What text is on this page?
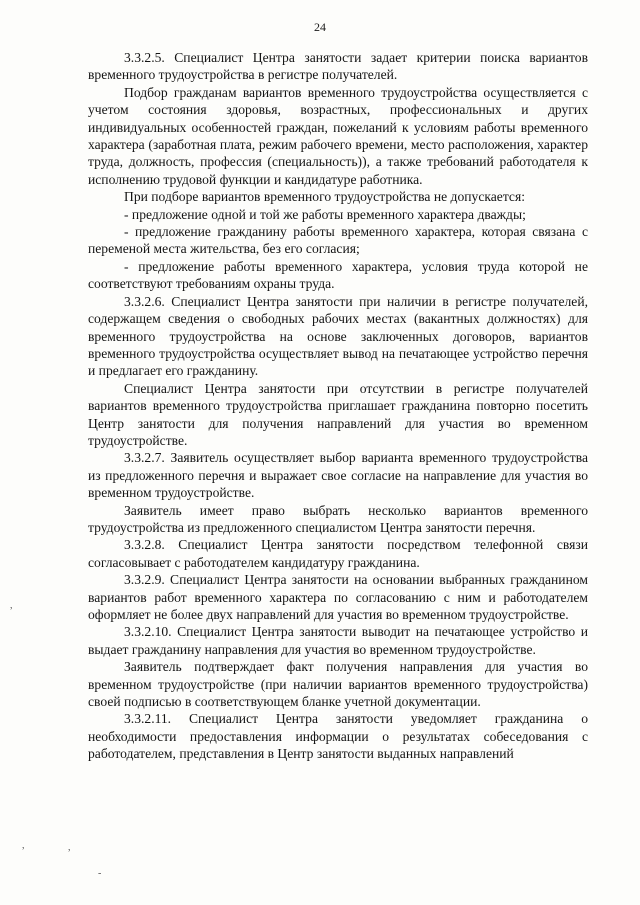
24

3.3.2.5. Специалист Центра занятости задает критерии поиска вариантов временного трудоустройства в регистре получателей.

Подбор гражданам вариантов временного трудоустройства осуществляется с учетом состояния здоровья, возрастных, профессиональных и других индивидуальных особенностей граждан, пожеланий к условиям работы временного характера (заработная плата, режим рабочего времени, место расположения, характер труда, должность, профессия (специальность)), а также требований работодателя к исполнению трудовой функции и кандидатуре работника.

При подборе вариантов временного трудоустройства не допускается:

- предложение одной и той же работы временного характера дважды;

- предложение гражданину работы временного характера, которая связана с переменой места жительства, без его согласия;

- предложение работы временного характера, условия труда которой не соответствуют требованиям охраны труда.

3.3.2.6. Специалист Центра занятости при наличии в регистре получателей, содержащем сведения о свободных рабочих местах (вакантных должностях) для временного трудоустройства на основе заключенных договоров, вариантов временного трудоустройства осуществляет вывод на печатающее устройство перечня и предлагает его гражданину.

Специалист Центра занятости при отсутствии в регистре получателей вариантов временного трудоустройства приглашает гражданина повторно посетить Центр занятости для получения направлений для участия во временном трудоустройстве.

3.3.2.7. Заявитель осуществляет выбор варианта временного трудоустройства из предложенного перечня и выражает свое согласие на направление для участия во временном трудоустройстве.

Заявитель имеет право выбрать несколько вариантов временного трудоустройства из предложенного специалистом Центра занятости перечня.

3.3.2.8. Специалист Центра занятости посредством телефонной связи согласовывает с работодателем кандидатуру гражданина.

3.3.2.9. Специалист Центра занятости на основании выбранных гражданином вариантов работ временного характера по согласованию с ним и работодателем оформляет не более двух направлений для участия во временном трудоустройстве.

3.3.2.10. Специалист Центра занятости выводит на печатающее устройство и выдает гражданину направления для участия во временном трудоустройстве.

Заявитель подтверждает факт получения направления для участия во временном трудоустройстве (при наличии вариантов временного трудоустройства) своей подписью в соответствующем бланке учетной документации.

3.3.2.11. Специалист Центра занятости уведомляет гражданина о необходимости предоставления информации о результатах собеседования с работодателем, представления в Центр занятости выданных направлений

,
,	,
-
